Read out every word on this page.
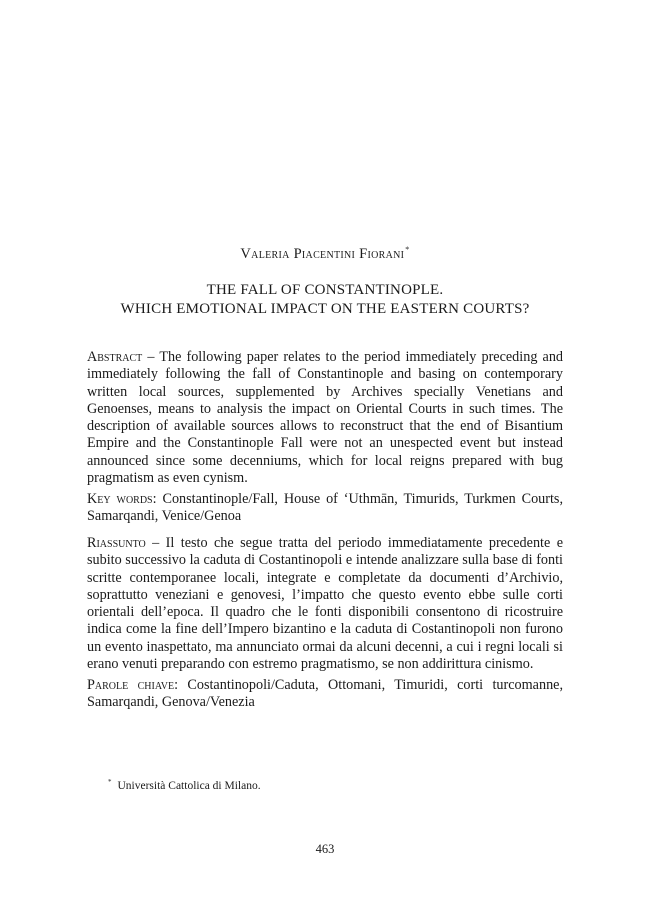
Valeria Piacentini Fiorani*
THE FALL OF CONSTANTINOPLE.
WHICH EMOTIONAL IMPACT ON THE EASTERN COURTS?

Abstract – The following paper relates to the period immediately preceding and immediately following the fall of Constantinople and basing on contemporary written local sources, supplemented by Archives specially Venetians and Genoenses, means to analysis the impact on Oriental Courts in such times. The description of available sources allows to reconstruct that the end of Bisantium Empire and the Constantinople Fall were not an unespected event but instead announced since some decenniums, which for local reigns prepared with bug pragmatism as even cynism.

Key words: Constantinople/Fall, House of ‘Uthmān, Timurids, Turkmen Courts, Samarqandi, Venice/Genoa

Riassunto – Il testo che segue tratta del periodo immediatamente precedente e subito successivo la caduta di Costantinopoli e intende analizzare sulla base di fonti scritte contemporanee locali, integrate e completate da documenti d’Archivio, soprattutto veneziani e genovesi, l’impatto che questo evento ebbe sulle corti orientali dell’epoca. Il quadro che le fonti disponibili consentono di ricostruire indica come la fine dell’Impero bizantino e la caduta di Costantinopoli non furono un evento inaspettato, ma annunciato ormai da alcuni decenni, a cui i regni locali si erano venuti preparando con estremo pragmatismo, se non addirittura cinismo.

Parole chiave: Costantinopoli/Caduta, Ottomani, Timuridi, corti turcomanne, Samarqandi, Genova/Venezia

* Università Cattolica di Milano.
463
